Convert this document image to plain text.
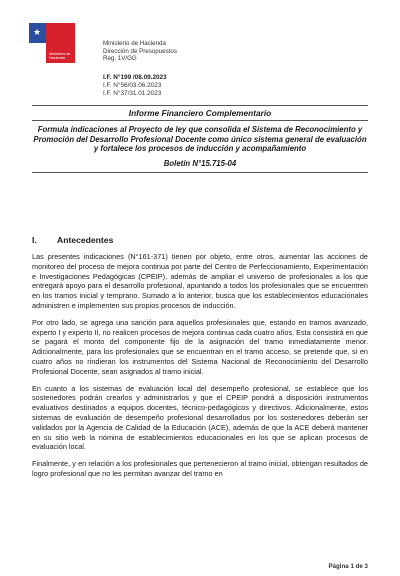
★
Ministerio de
Hacienda
Ministerio de Hacienda
Dirección de Presupuestos
Reg. 1V/GG
I.F. N°199 /08.09.2023
I.F. N°56/03.06.2023
I.F. N°37/31.01.2023
Informe Financiero Complementario
Formula indicaciones al Proyecto de ley que consolida el Sistema de Reconocimiento y Promoción del Desarrollo Profesional Docente como único sistema general de evaluación y fortalece los procesos de inducción y acompañamiento
Boletín N°15.715-04
I. Antecedentes

Las presentes indicaciones (N°161-371) tienen por objeto, entre otros, aumentar las acciones de monitoreo del proceso de mejora continua por parte del Centro de Perfeccionamiento, Experimentación e Investigaciones Pedagógicas (CPEIP), además de ampliar el universo de profesionales a los que entregará apoyo para el desarrollo profesional, apuntando a todos los profesionales que se encuentren en los tramos inicial y temprano. Sumado a lo anterior, busca que los establecimientos educacionales administren e implementen sus propios procesos de inducción.

Por otro lado, se agrega una sanción para aquellos profesionales que, estando en tramos avanzado, experto I y experto II, no realicen procesos de mejora continua cada cuatro años. Esta consistirá en que se pagará el monto del componente fijo de la asignación del tramo inmediatamente menor. Adicionalmente, para los profesionales que se encuentran en el tramo acceso, se pretende que, si en cuatro años no rindieran los instrumentos del Sistema Nacional de Reconocimiento del Desarrollo Profesional Docente, sean asignados al tramo inicial.

En cuanto a los sistemas de evaluación local del desempeño profesional, se establece que los sostenedores podrán crearlos y administrarlos y que el CPEIP pondrá a disposición instrumentos evaluativos destinados a equipos docentes, técnico-pedagógicos y directivos. Adicionalmente, estos sistemas de evaluación de desempeño profesional desarrollados por los sostenedores deberán ser validados por la Agencia de Calidad de la Educación (ACE), además de que la ACE deberá mantener en su sitio web la nómina de establecimientos educacionales en los que se aplican procesos de evaluación local.

Finalmente, y en relación a los profesionales que pertenecieron al tramo inicial, obtengan resultados de logro profesional que no les permitan avanzar del tramo en

Página 1 de 3
